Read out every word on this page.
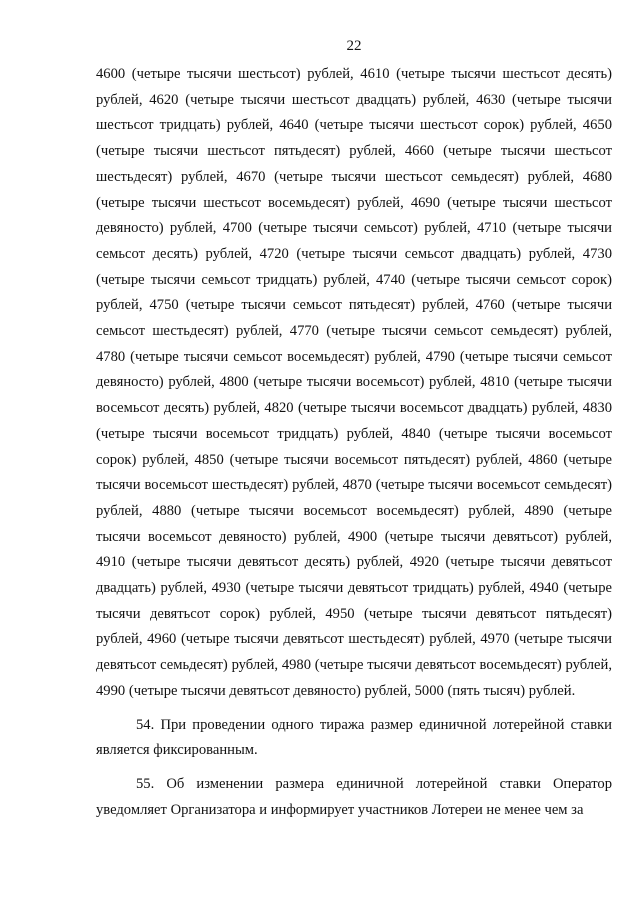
22

4600 (четыре тысячи шестьсот) рублей, 4610 (четыре тысячи шестьсот десять) рублей, 4620 (четыре тысячи шестьсот двадцать) рублей, 4630 (четыре тысячи шестьсот тридцать) рублей, 4640 (четыре тысячи шестьсот сорок) рублей, 4650 (четыре тысячи шестьсот пятьдесят) рублей, 4660 (четыре тысячи шестьсот шестьдесят) рублей, 4670 (четыре тысячи шестьсот семьдесят) рублей, 4680 (четыре тысячи шестьсот восемьдесят) рублей, 4690 (четыре тысячи шестьсот девяносто) рублей, 4700 (четыре тысячи семьсот) рублей, 4710 (четыре тысячи семьсот десять) рублей, 4720 (четыре тысячи семьсот двадцать) рублей, 4730 (четыре тысячи семьсот тридцать) рублей, 4740 (четыре тысячи семьсот сорок) рублей, 4750 (четыре тысячи семьсот пятьдесят) рублей, 4760 (четыре тысячи семьсот шестьдесят) рублей, 4770 (четыре тысячи семьсот семьдесят) рублей, 4780 (четыре тысячи семьсот восемьдесят) рублей, 4790 (четыре тысячи семьсот девяносто) рублей, 4800 (четыре тысячи восемьсот) рублей, 4810 (четыре тысячи восемьсот десять) рублей, 4820 (четыре тысячи восемьсот двадцать) рублей, 4830 (четыре тысячи восемьсот тридцать) рублей, 4840 (четыре тысячи восемьсот сорок) рублей, 4850 (четыре тысячи восемьсот пятьдесят) рублей, 4860 (четыре тысячи восемьсот шестьдесят) рублей, 4870 (четыре тысячи восемьсот семьдесят) рублей, 4880 (четыре тысячи восемьсот восемьдесят) рублей, 4890 (четыре тысячи восемьсот девяносто) рублей, 4900 (четыре тысячи девятьсот) рублей, 4910 (четыре тысячи девятьсот десять) рублей, 4920 (четыре тысячи девятьсот двадцать) рублей, 4930 (четыре тысячи девятьсот тридцать) рублей, 4940 (четыре тысячи девятьсот сорок) рублей, 4950 (четыре тысячи девятьсот пятьдесят) рублей, 4960 (четыре тысячи девятьсот шестьдесят) рублей, 4970 (четыре тысячи девятьсот семьдесят) рублей, 4980 (четыре тысячи девятьсот восемьдесят) рублей, 4990 (четыре тысячи девятьсот девяносто) рублей, 5000 (пять тысяч) рублей.

54. При проведении одного тиража размер единичной лотерейной ставки является фиксированным.

55. Об изменении размера единичной лотерейной ставки Оператор уведомляет Организатора и информирует участников Лотереи не менее чем за
